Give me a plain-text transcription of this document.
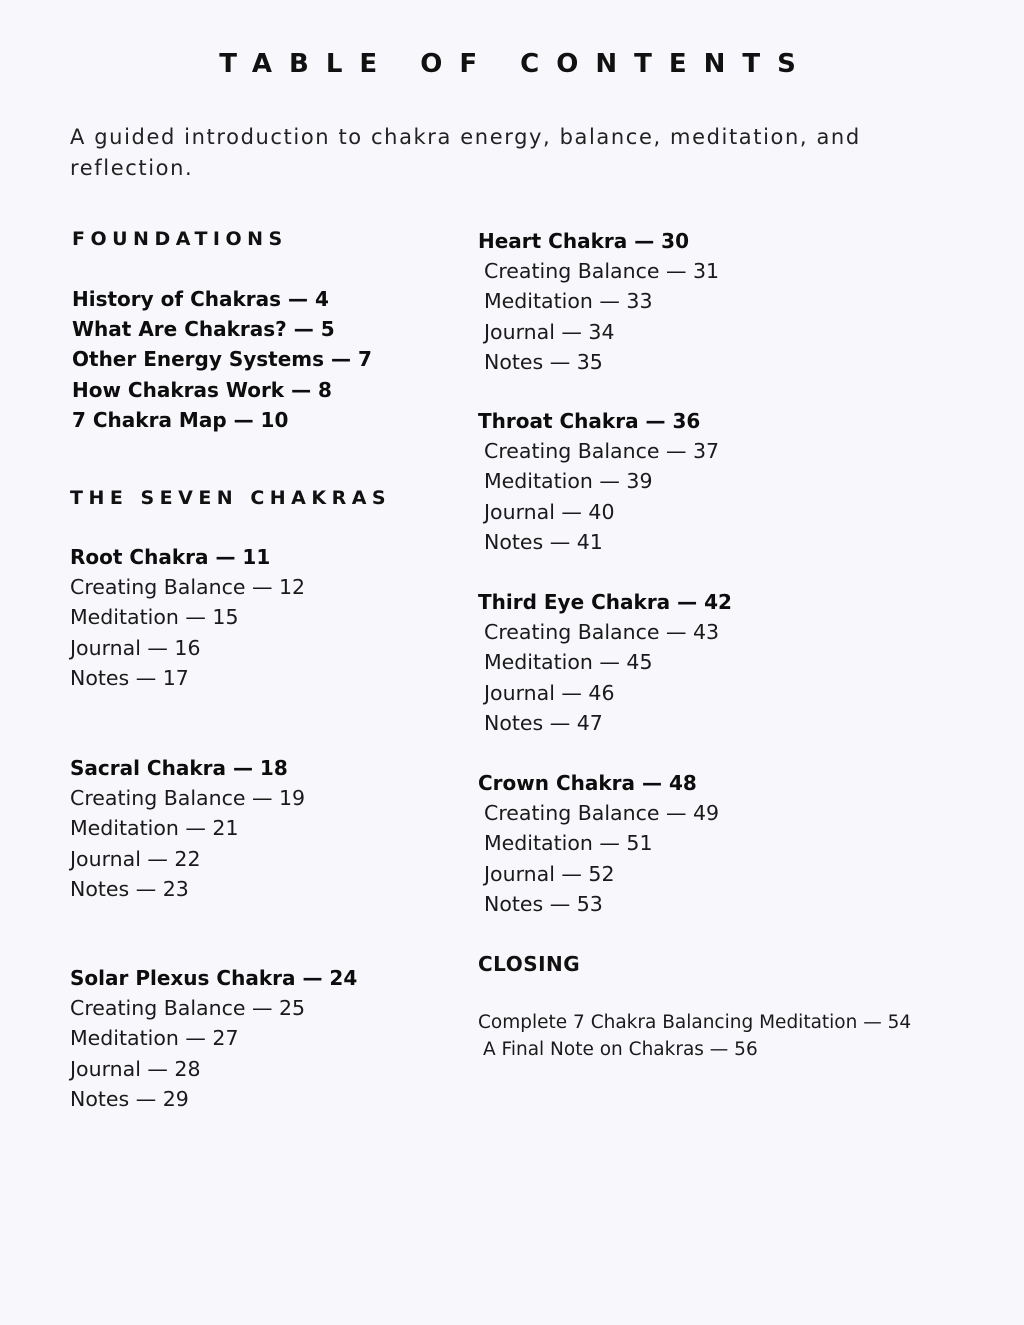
TABLE OF CONTENTS
A guided introduction to chakra energy, balance, meditation, and reflection.
FOUNDATIONS
History of Chakras — 4
What Are Chakras? — 5
Other Energy Systems — 7
How Chakras Work — 8
7 Chakra Map — 10
THE SEVEN CHAKRAS
Root Chakra — 11
Creating Balance — 12
Meditation — 15
Journal — 16
Notes — 17
Sacral Chakra — 18
Creating Balance — 19
Meditation — 21
Journal — 22
Notes — 23
Solar Plexus Chakra — 24
Creating Balance — 25
Meditation — 27
Journal — 28
Notes — 29
Heart Chakra — 30
Creating Balance — 31
Meditation — 33
Journal — 34
Notes — 35
Throat Chakra — 36
Creating Balance — 37
Meditation — 39
Journal — 40
Notes — 41
Third Eye Chakra — 42
Creating Balance — 43
Meditation — 45
Journal — 46
Notes — 47
Crown Chakra — 48
Creating Balance — 49
Meditation — 51
Journal — 52
Notes — 53
CLOSING
Complete 7 Chakra Balancing Meditation — 54
A Final Note on Chakras — 56
